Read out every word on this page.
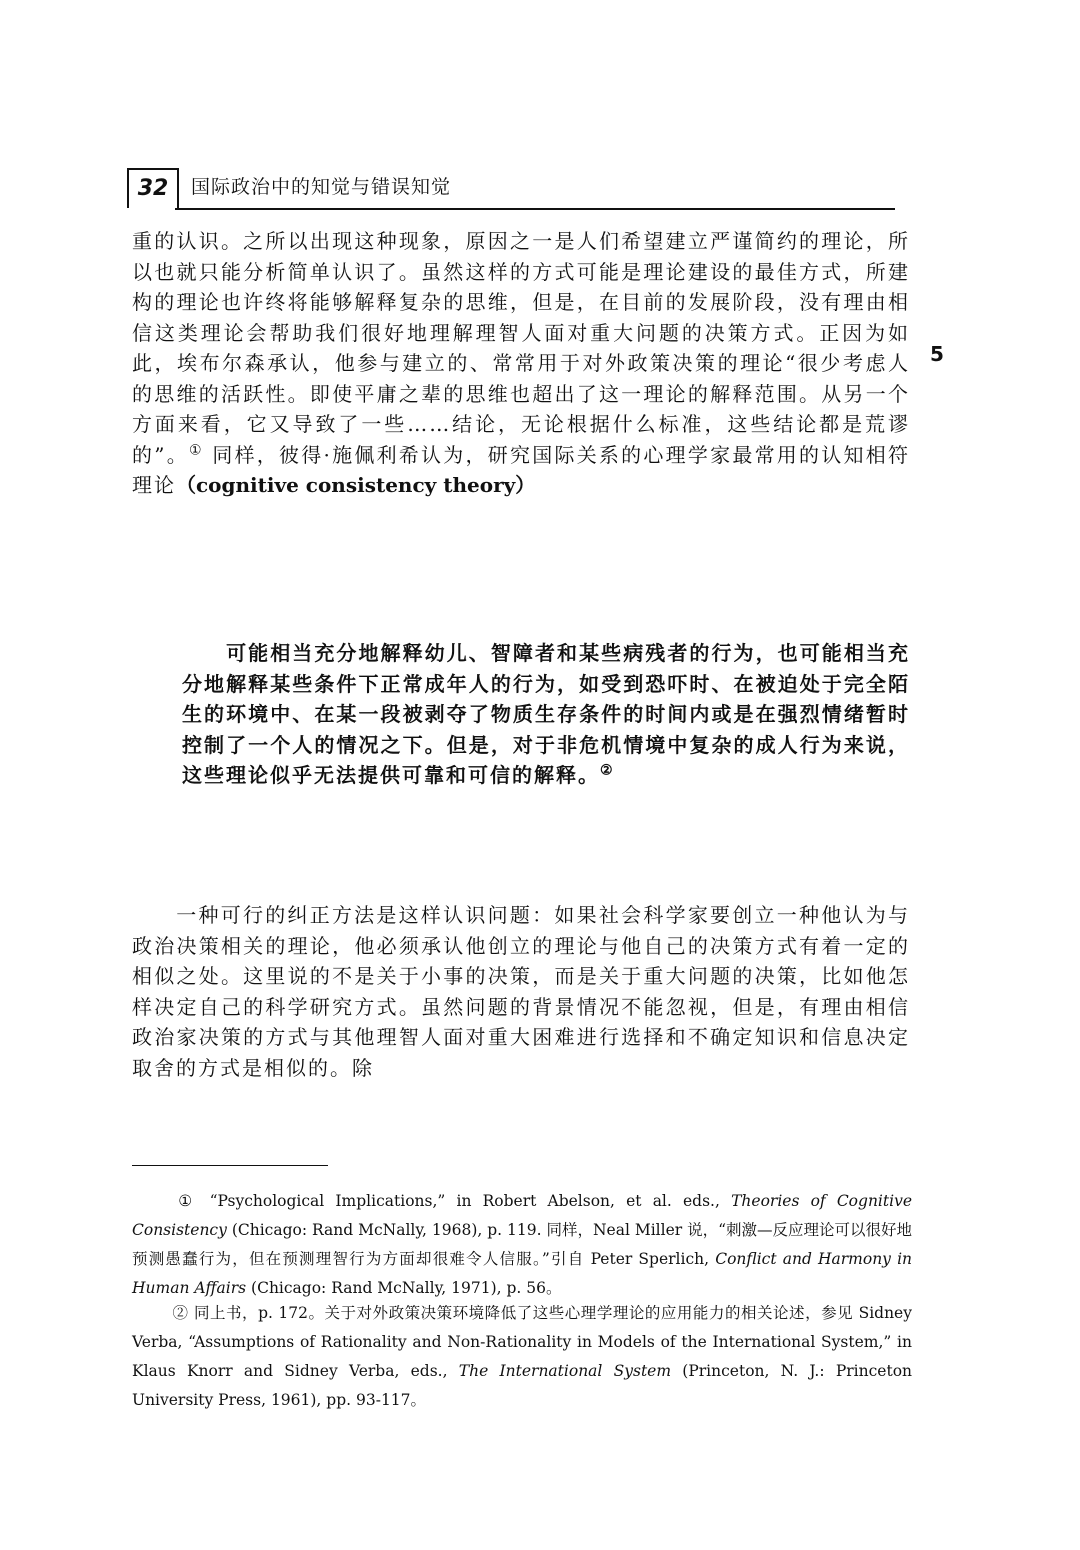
32	国际政治中的知觉与错误知觉
5
重的认识。之所以出现这种现象，原因之一是人们希望建立严谨简约的理论，所以也就只能分析简单认识了。虽然这样的方式可能是理论建设的最佳方式，所建构的理论也许终将能够解释复杂的思维，但是，在目前的发展阶段，没有理由相信这类理论会帮助我们很好地理解理智人面对重大问题的决策方式。正因为如此，埃布尔森承认，他参与建立的、常常用于对外政策决策的理论“很少考虑人的思维的活跃性。即使平庸之辈的思维也超出了这一理论的解释范围。从另一个方面来看，它又导致了一些……结论，无论根据什么标准，这些结论都是荒谬的”。① 同样，彼得·施佩利希认为，研究国际关系的心理学家最常用的认知相符理论（cognitive consistency theory）
可能相当充分地解释幼儿、智障者和某些病残者的行为，也可能相当充分地解释某些条件下正常成年人的行为，如受到恐吓时、在被迫处于完全陌生的环境中、在某一段被剥夺了物质生存条件的时间内或是在强烈情绪暂时控制了一个人的情况之下。但是，对于非危机情境中复杂的成人行为来说，这些理论似乎无法提供可靠和可信的解释。②
一种可行的纠正方法是这样认识问题：如果社会科学家要创立一种他认为与政治决策相关的理论，他必须承认他创立的理论与他自己的决策方式有着一定的相似之处。这里说的不是关于小事的决策，而是关于重大问题的决策，比如他怎样决定自己的科学研究方式。虽然问题的背景情况不能忽视，但是，有理由相信政治家决策的方式与其他理智人面对重大困难进行选择和不确定知识和信息决定取舍的方式是相似的。除
① “Psychological Implications,” in Robert Abelson, et al. eds., Theories of Cognitive Consistency (Chicago: Rand McNally, 1968), p. 119. 同样，Neal Miller 说，“刺激—反应理论可以很好地预测愚蠢行为，但在预测理智行为方面却很难令人信服。”引自 Peter Sperlich, Conflict and Harmony in Human Affairs (Chicago: Rand McNally, 1971), p. 56。
② 同上书，p. 172。关于对外政策决策环境降低了这些心理学理论的应用能力的相关论述，参见 Sidney Verba, “Assumptions of Rationality and Non-Rationality in Models of the International System,” in Klaus Knorr and Sidney Verba, eds., The International System (Princeton, N. J.: Princeton University Press, 1961), pp. 93-117。
